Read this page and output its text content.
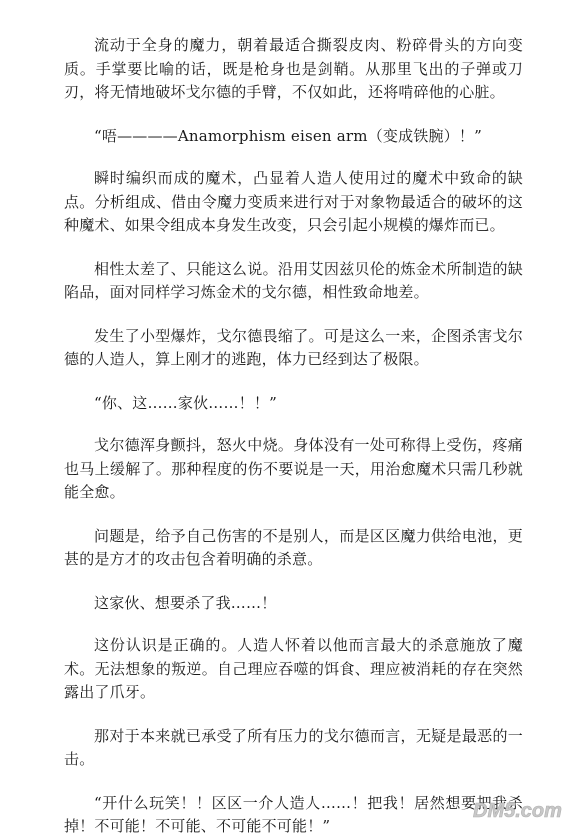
流动于全身的魔力，朝着最适合撕裂皮肉、粉碎骨头的方向变质。手掌要比喻的话，既是枪身也是剑鞘。从那里飞出的子弹或刀刃，将无情地破坏戈尔德的手臂，不仅如此，还将啃碎他的心脏。

“唔————Anamorphism eisen arm（变成铁腕）！”

瞬时编织而成的魔术，凸显着人造人使用过的魔术中致命的缺点。分析组成、借由令魔力变质来进行对于对象物最适合的破坏的这种魔术、如果令组成本身发生改变，只会引起小规模的爆炸而已。

相性太差了、只能这么说。沿用艾因兹贝伦的炼金术所制造的缺陷品，面对同样学习炼金术的戈尔德，相性致命地差。

发生了小型爆炸，戈尔德畏缩了。可是这么一来，企图杀害戈尔德的人造人，算上刚才的逃跑，体力已经到达了极限。

“你、这……家伙……！！”

戈尔德浑身颤抖，怒火中烧。身体没有一处可称得上受伤，疼痛也马上缓解了。那种程度的伤不要说是一天，用治愈魔术只需几秒就能全愈。

问题是，给予自己伤害的不是别人，而是区区魔力供给电池，更甚的是方才的攻击包含着明确的杀意。

这家伙、想要杀了我……！

这份认识是正确的。人造人怀着以他而言最大的杀意施放了魔术。无法想象的叛逆。自己理应吞噬的饵食、理应被消耗的存在突然露出了爪牙。

那对于本来就已承受了所有压力的戈尔德而言，无疑是最恶的一击。

“开什么玩笑！！区区一介人造人……！把我！居然想要把我杀掉！不可能！不可能、不可能不可能！”

DM5.com
